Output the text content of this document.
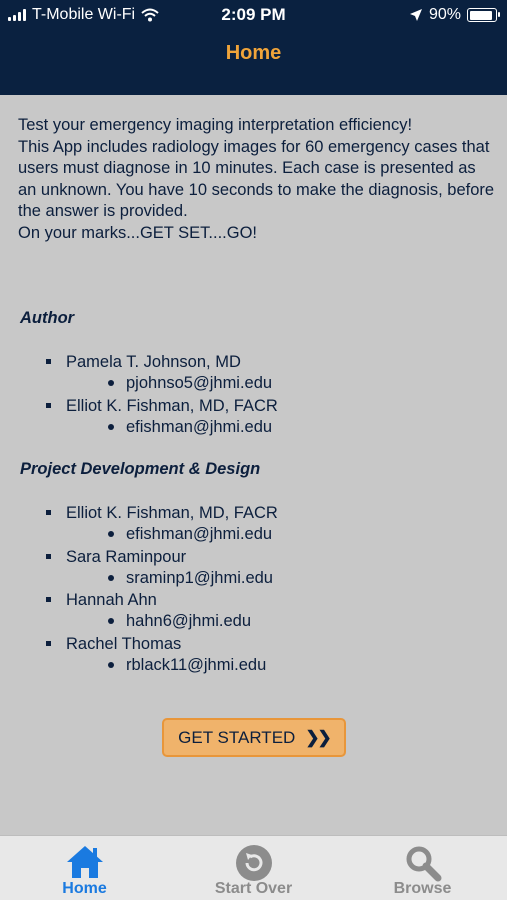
T-Mobile Wi-Fi	2:09 PM	90%
Home

Test your emergency imaging interpretation efficiency!

This App includes radiology images for 60 emergency cases that users must diagnose in 10 minutes. Each case is presented as an unknown. You have 10 seconds to make the diagnosis, before the answer is provided.

On your marks...GET SET....GO!

Author
Pamela T. Johnson, MD
pjohnso5@jhmi.edu
Elliot K. Fishman, MD, FACR
efishman@jhmi.edu
Project Development & Design
Elliot K. Fishman, MD, FACR
efishman@jhmi.edu
Sara Raminpour
sraminp1@jhmi.edu
Hannah Ahn
hahn6@jhmi.edu
Rachel Thomas
rblack11@jhmi.edu
GET STARTED ❯❯
Home	Start Over	Browse
